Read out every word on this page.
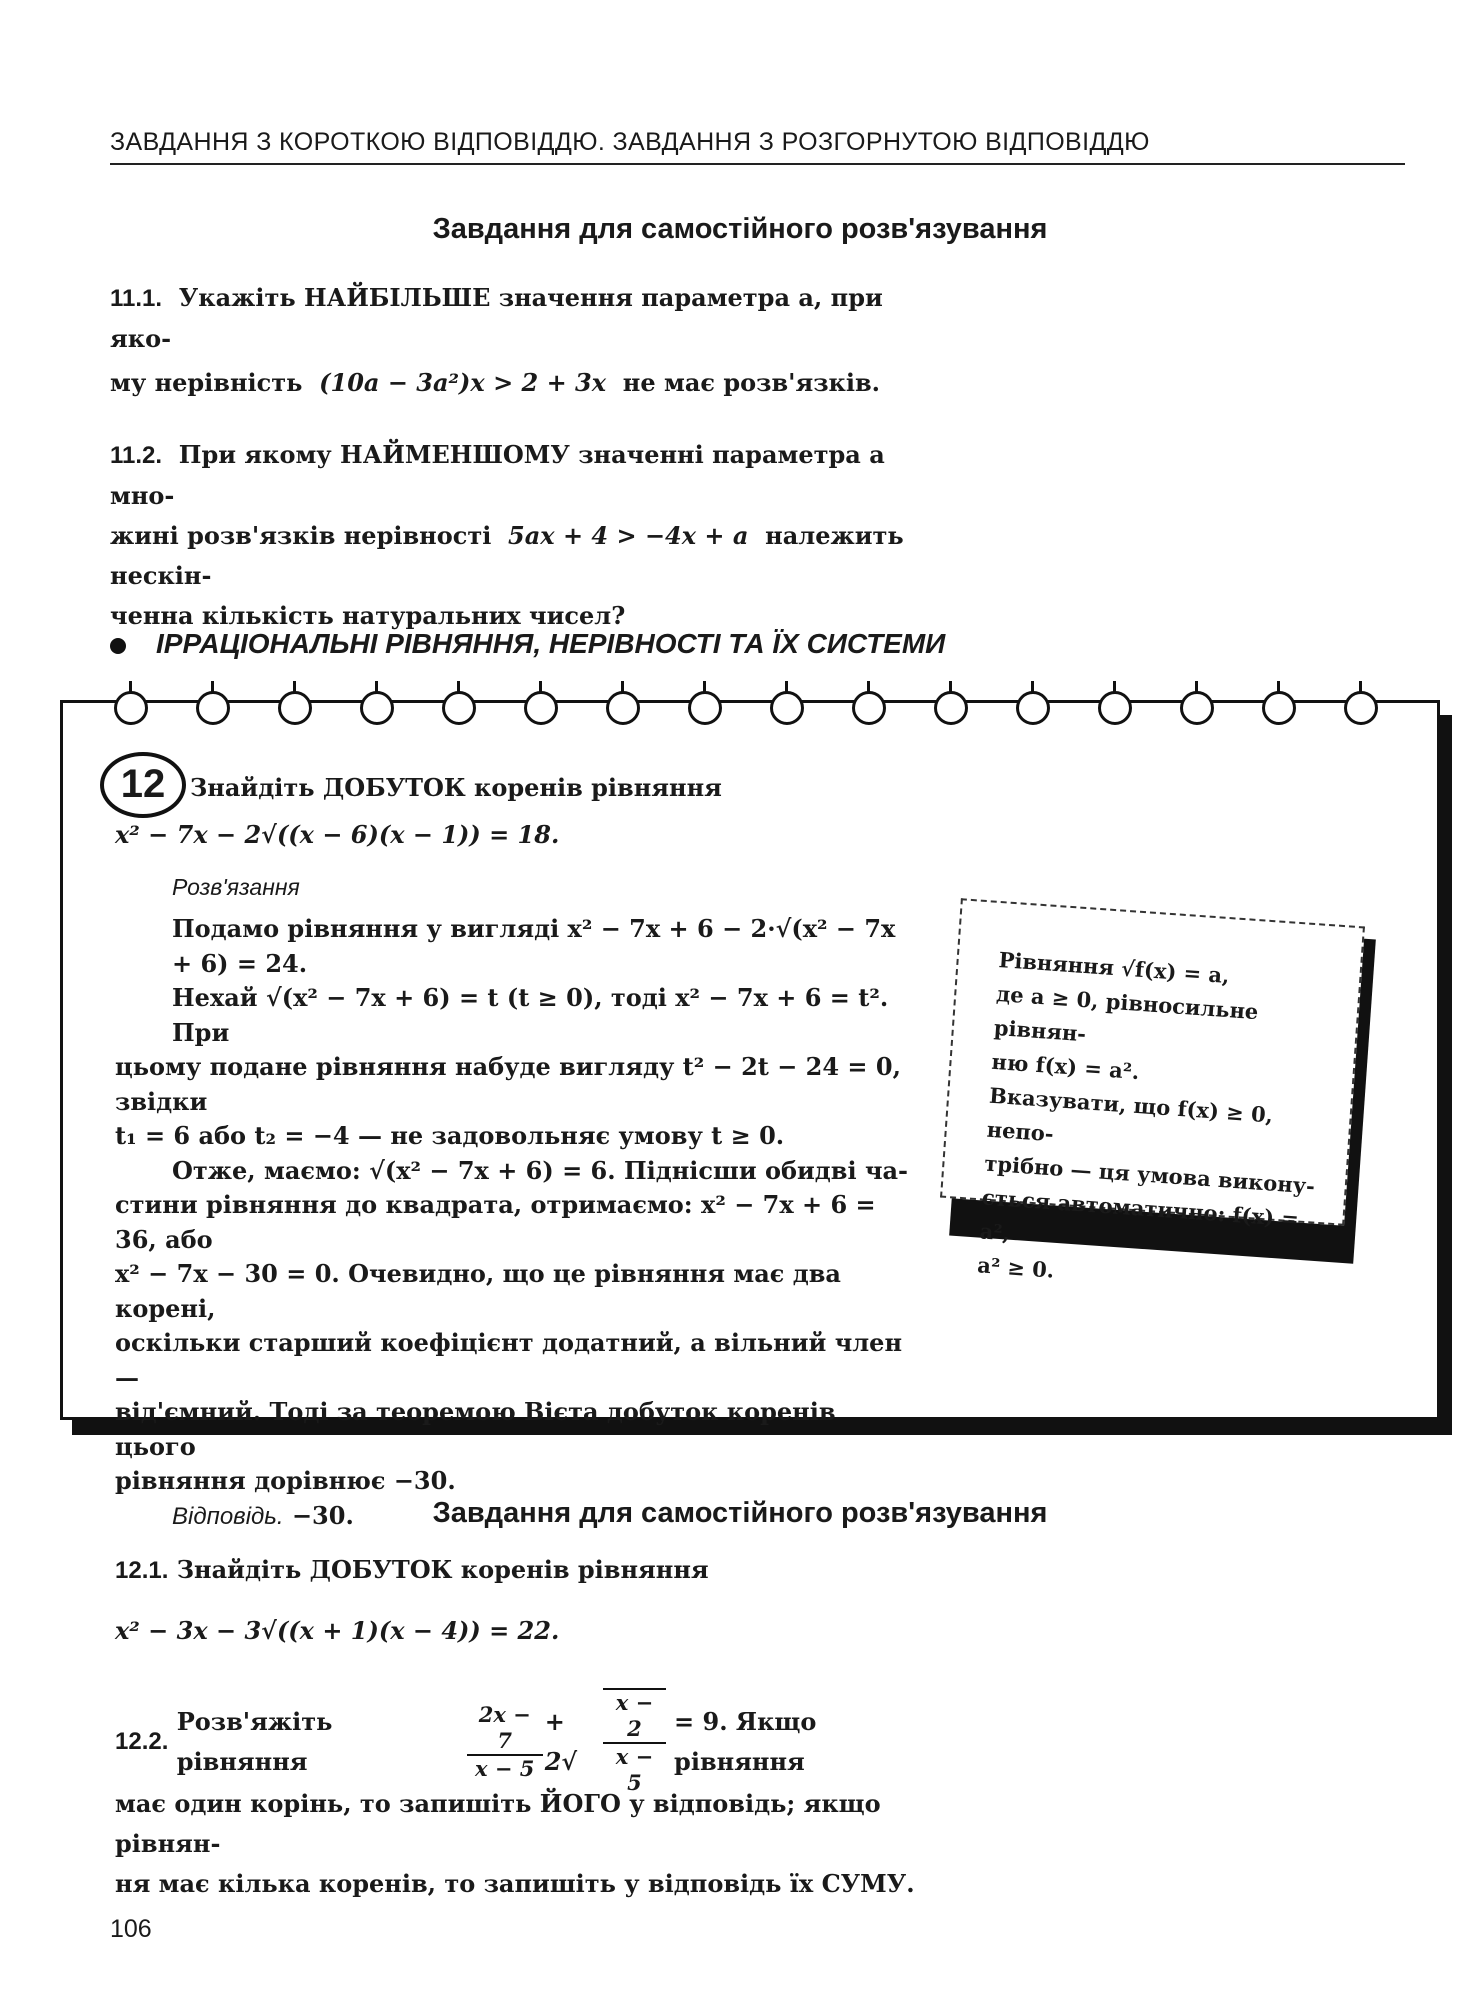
ЗАВДАННЯ З КОРОТКОЮ ВІДПОВІДДЮ. ЗАВДАННЯ З РОЗГОРНУТОЮ ВІДПОВІДДЮ
Завдання для самостійного розв'язування
11.1. Укажіть НАЙБІЛЬШЕ значення параметра a, при яко-
му нерівність (10a − 3a²)x > 2 + 3x не має розв'язків.
11.2. При якому НАЙМЕНШОМУ значенні параметра a мно-
жині розв'язків нерівності 5ax + 4 > −4x + a належить нескін-
ченна кількість натуральних чисел?
ІРРАЦІОНАЛЬНІ РІВНЯННЯ, НЕРІВНОСТІ ТА ЇХ СИСТЕМИ
12	Знайдіть ДОБУТОК коренів рівняння
x² − 7x − 2√((x − 6)(x − 1)) = 18.
Розв'язання

Подамо рівняння у вигляді x² − 7x + 6 − 2·√(x² − 7x + 6) = 24.

Нехай √(x² − 7x + 6) = t (t ≥ 0), тоді x² − 7x + 6 = t². При

цьому подане рівняння набуде вигляду t² − 2t − 24 = 0, звідки

t₁ = 6 або t₂ = −4 — не задовольняє умову t ≥ 0.

Отже, маємо: √(x² − 7x + 6) = 6. Піднісши обидві ча-

стини рівняння до квадрата, отримаємо: x² − 7x + 6 = 36, або

x² − 7x − 30 = 0. Очевидно, що це рівняння має два корені,

оскільки старший коефіцієнт додатний, а вільний член —

від'ємний. Тоді за теоремою Вієта добуток коренів цього

рівняння дорівнює −30.

Відповідь. −30.

Рівняння √f(x) = a,
де a ≥ 0, рівносильне рівнян-
ню f(x) = a².
Вказувати, що f(x) ≥ 0, непо-
трібно — ця умова викону-
ється автоматично: f(x) = a²,
a² ≥ 0.
Завдання для самостійного розв'язування
12.1. Знайдіть ДОБУТОК коренів рівняння
x² − 3x − 3√((x + 1)(x − 4)) = 22.
12.2.

Розв'яжіть рівняння
	$\frac{2x - 7}{x - 5} + 2√$	$\frac{x - 2}{x - 5}$
= 9. Якщо рівняння
має один корінь, то запишіть ЙОГО у відповідь; якщо рівнян-
ня має кілька коренів, то запишіть у відповідь їх СУМУ.
106
